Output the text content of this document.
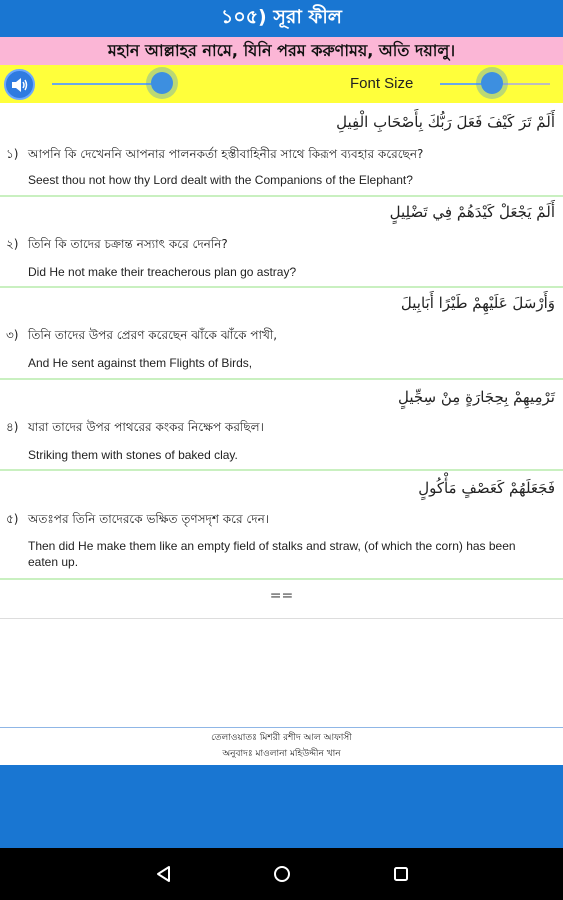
১০৫) সূরা ফীল
মহান আল্লাহর নামে, যিনি পরম করুণাময়, অতি দয়ালু।
Font Size
أَلَمْ تَرَ كَيْفَ فَعَلَ رَبُّكَ بِأَصْحَابِ الْفِيلِ
১) আপনি কি দেখেননি আপনার পালনকর্তা হস্তীবাহিনীর সাথে কিরূপ ব্যবহার করেছেন?
Seest thou not how thy Lord dealt with the Companions of the Elephant?
أَلَمْ يَجْعَلْ كَيْدَهُمْ فِي تَضْلِيلٍ
২) তিনি কি তাদের চক্রান্ত নস্যাৎ করে দেননি?
Did He not make their treacherous plan go astray?
وَأَرْسَلَ عَلَيْهِمْ طَيْرًا أَبَابِيلَ
৩) তিনি তাদের উপর প্রেরণ করেছেন ঝাঁকে ঝাঁকে পাখী,
And He sent against them Flights of Birds,
تَرْمِيهِمْ بِحِجَارَةٍ مِنْ سِجِّيلٍ
৪) যারা তাদের উপর পাথরের কংকর নিক্ষেপ করছিল।
Striking them with stones of baked clay.
فَجَعَلَهُمْ كَعَصْفٍ مَأْكُولٍ
৫) অতঃপর তিনি তাদেরকে ভক্ষিত তৃণসদৃশ করে দেন।
Then did He make them like an empty field of stalks and straw, (of which the corn) has been eaten up.
==
তেলাওয়াতঃ মিশরী রশীদ আল আফাসী
অনুবাদঃ মাওলানা মহিউদ্দীন খান
